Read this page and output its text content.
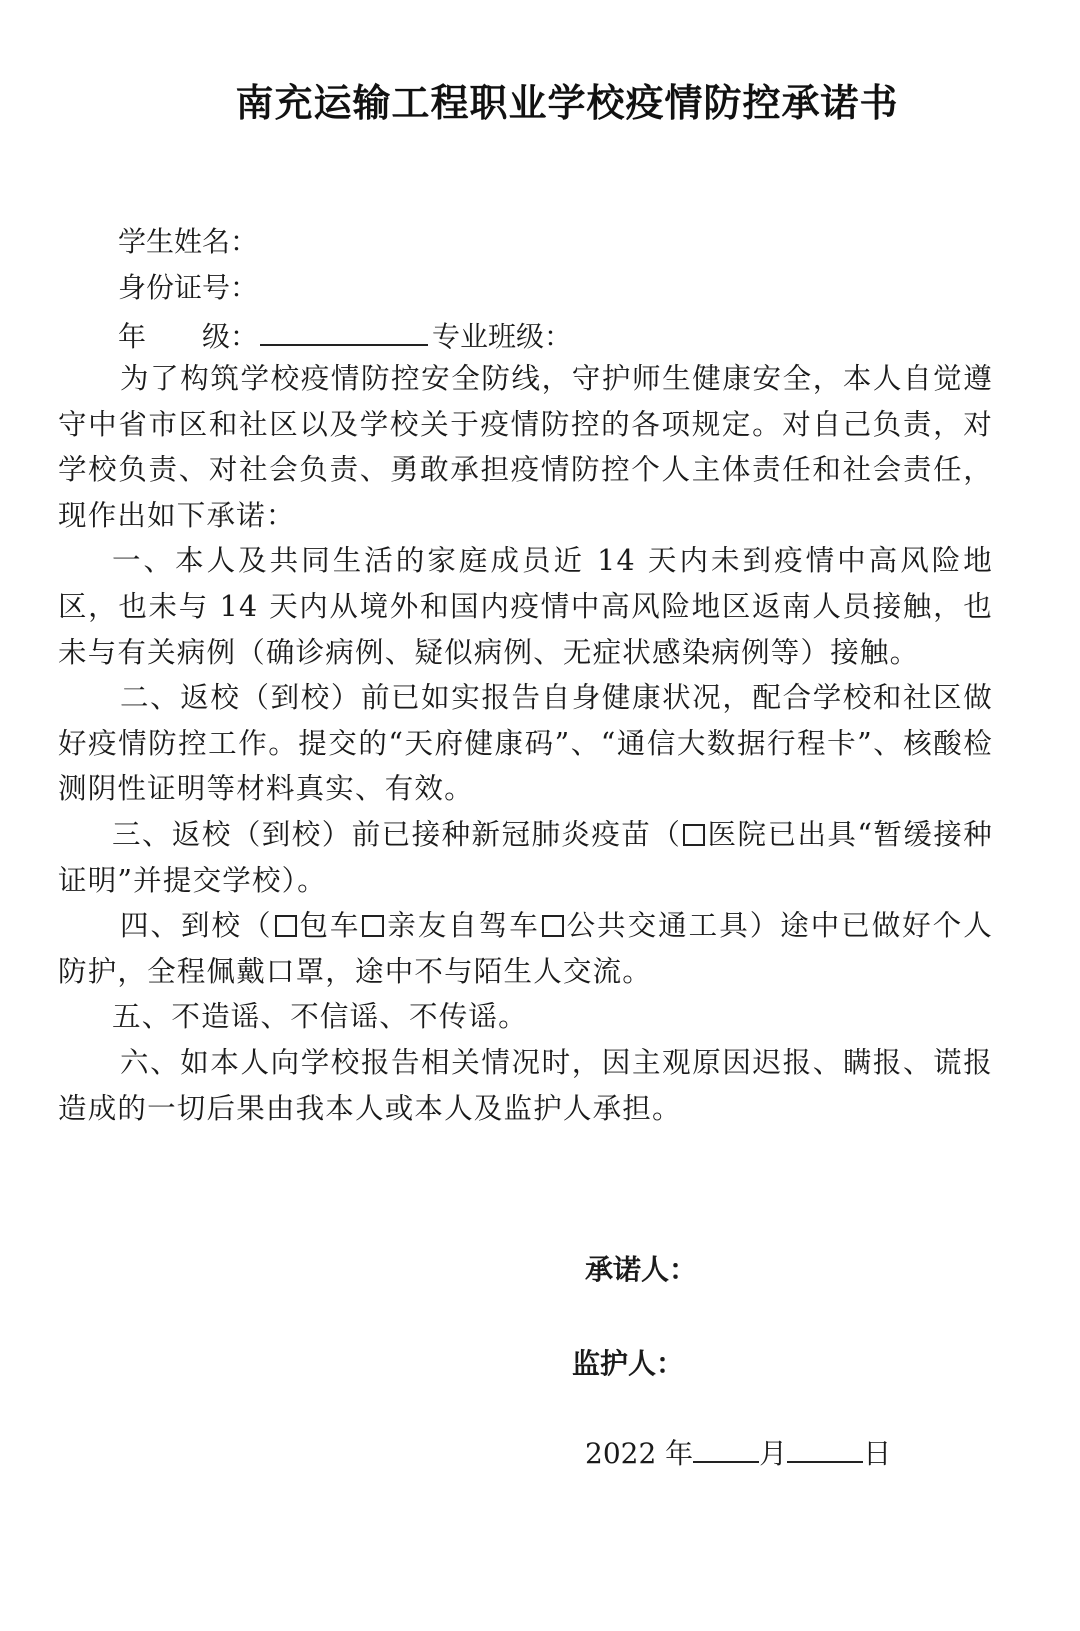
南充运输工程职业学校疫情防控承诺书
学生姓名：
身份证号：
年 级：	专业班级：

为了构筑学校疫情防控安全防线，守护师生健康安全，本人自觉遵守中省市区和社区以及学校关于疫情防控的各项规定。对自己负责，对学校负责、对社会负责、勇敢承担疫情防控个人主体责任和社会责任，现作出如下承诺：

一、本人及共同生活的家庭成员近 14 天内未到疫情中高风险地区，也未与 14 天内从境外和国内疫情中高风险地区返南人员接触，也未与有关病例（确诊病例、疑似病例、无症状感染病例等）接触。

二、返校（到校）前已如实报告自身健康状况，配合学校和社区做好疫情防控工作。提交的“天府健康码”、“通信大数据行程卡”、核酸检测阴性证明等材料真实、有效。

三、返校（到校）前已接种新冠肺炎疫苗（ 医院已出具“暂缓接种证明”并提交学校）。

四、到校（ 包车 亲友自驾车 公共交通工具）途中已做好个人防护，全程佩戴口罩，途中不与陌生人交流。

五、不造谣、不信谣、不传谣。

六、如本人向学校报告相关情况时，因主观原因迟报、瞒报、谎报造成的一切后果由我本人或本人及监护人承担。

承诺人：
监护人：
2022 年 月	日
